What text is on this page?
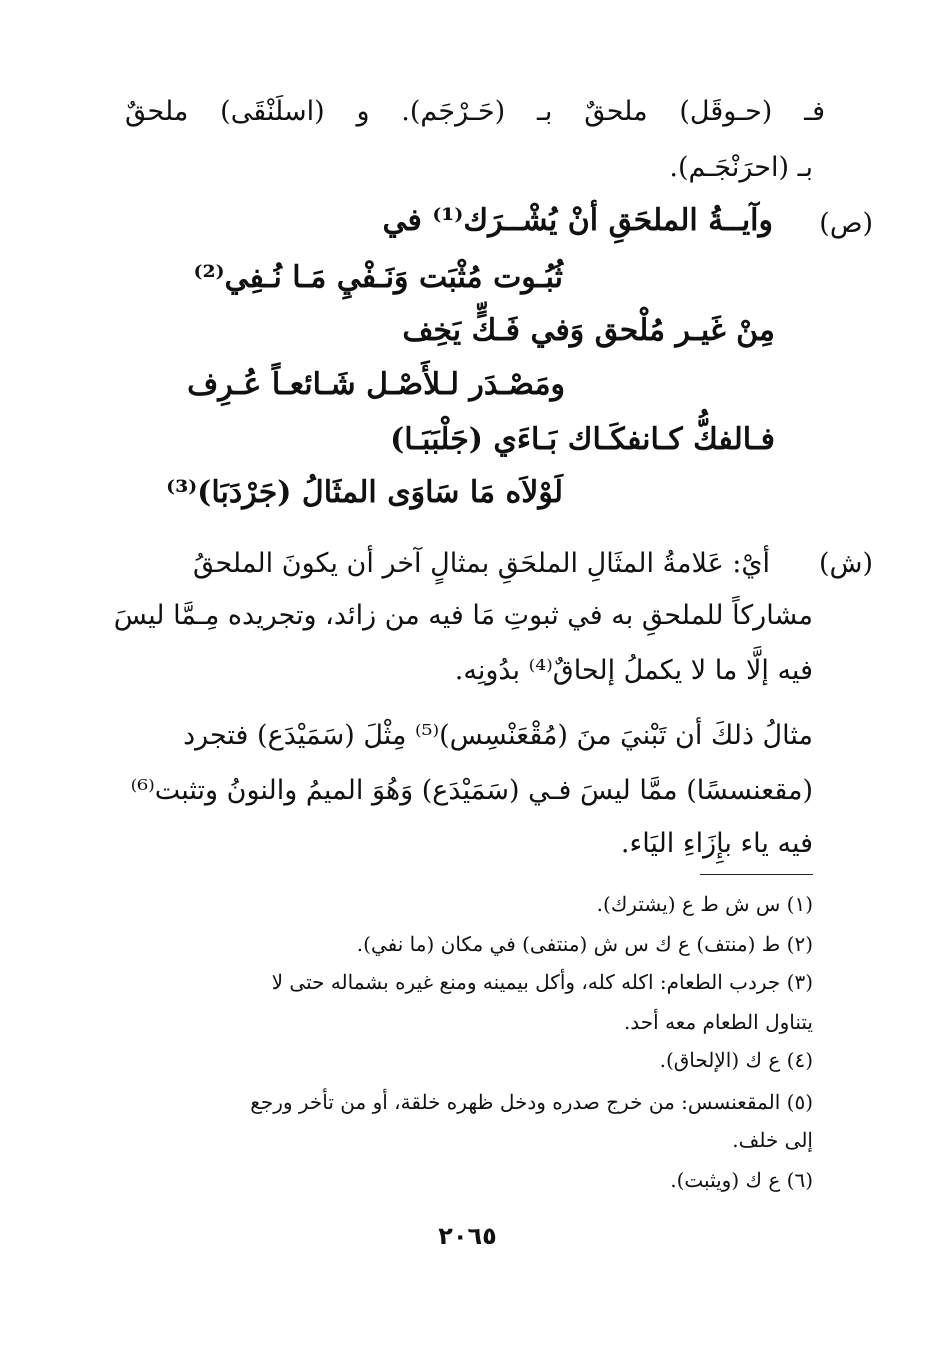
فـ (حـوقَل) ملحقٌ بـ (حَـرْجَم). و (اسلَنْقَى) ملحقٌ
بـ (احرَنْجَـم).
(ص)
وآيــةُ الملحَقِ أنْ يُشْــرَك⁽¹⁾ في
ثُبُـوت مُثْبَت وَنَـفْيِ مَـا نُـفِي⁽²⁾
مِنْ غَيـر مُلْحق وَفي فَـكٍّ يَخِف
ومَصْـدَر لـلأَصْـل شَـائعـاً عُـرِف
فـالفكُّ كـانفكَـاك بَـاءَي (جَلْبَبَـا)
لَوْلاَه مَا سَاوَى المثَالُ (جَرْدَبَا)⁽³⁾
(ش)
أيْ: عَلامةُ المثَالِ الملحَقِ بمثالٍ آخر أن يكونَ الملحقُ
مشاركاً للملحقِ به في ثبوتِ مَا فيه من زائد، وتجريده مِـمَّا ليسَ
فيه إلَّا ما لا يكملُ إلحاقٌ⁽⁴⁾ بدُونِه.
مثالُ ذلكَ أن تَبْنيَ منَ (مُقْعَنْسِس)⁽⁵⁾ مِثْلَ (سَمَيْدَع) فتجرد
(مقعنسسًا) ممَّا ليسَ فـي (سَمَيْدَع) وَهُوَ الميمُ والنونُ وتثبت⁽⁶⁾
فيه ياء بإِزَاءِ اليَاء.
(١) س ش ط ع (يشترك).
(٢) ط (منتف) ع ك س ش (منتفى) في مكان (ما نفي).
(٣) جردب الطعام: اكله كله، وأكل بيمينه ومنع غيره بشماله حتى لا
يتناول الطعام معه أحد.
(٤) ع ك (الإلحاق).
(٥) المقعنسس: من خرج صدره ودخل ظهره خلقة، أو من تأخر ورجع
إلى خلف.
(٦) ع ك (ويثبت).
٢٠٦٥
